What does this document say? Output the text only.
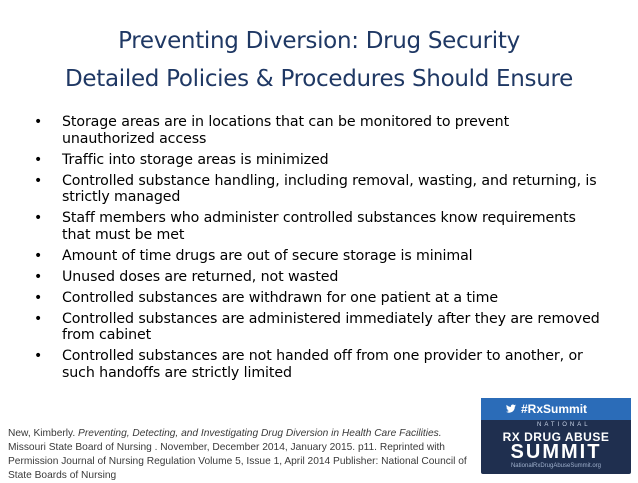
Preventing Diversion: Drug Security
Detailed Policies & Procedures Should Ensure
• Storage areas are in locations that can be monitored to prevent unauthorized access
• Traffic into storage areas is minimized
• Controlled substance handling, including removal, wasting, and returning, is strictly managed
• Staff members who administer controlled substances know requirements that must be met
• Amount of time drugs are out of secure storage is minimal
• Unused doses are returned, not wasted
• Controlled substances are withdrawn for one patient at a time
• Controlled substances are administered immediately after they are removed from cabinet
• Controlled substances are not handed off from one provider to another, or such handoffs are strictly limited
New, Kimberly. Preventing, Detecting, and Investigating Drug Diversion in Health Care Facilities. Missouri State Board of Nursing . November, December 2014, January 2015. p11. Reprinted with Permission Journal of Nursing Regulation Volume 5, Issue 1, April 2014 Publisher: National Council of State Boards of Nursing
#RxSummit
NATIONAL
RX DRUG ABUSE
SUMMIT
NationalRxDrugAbuseSummit.org
